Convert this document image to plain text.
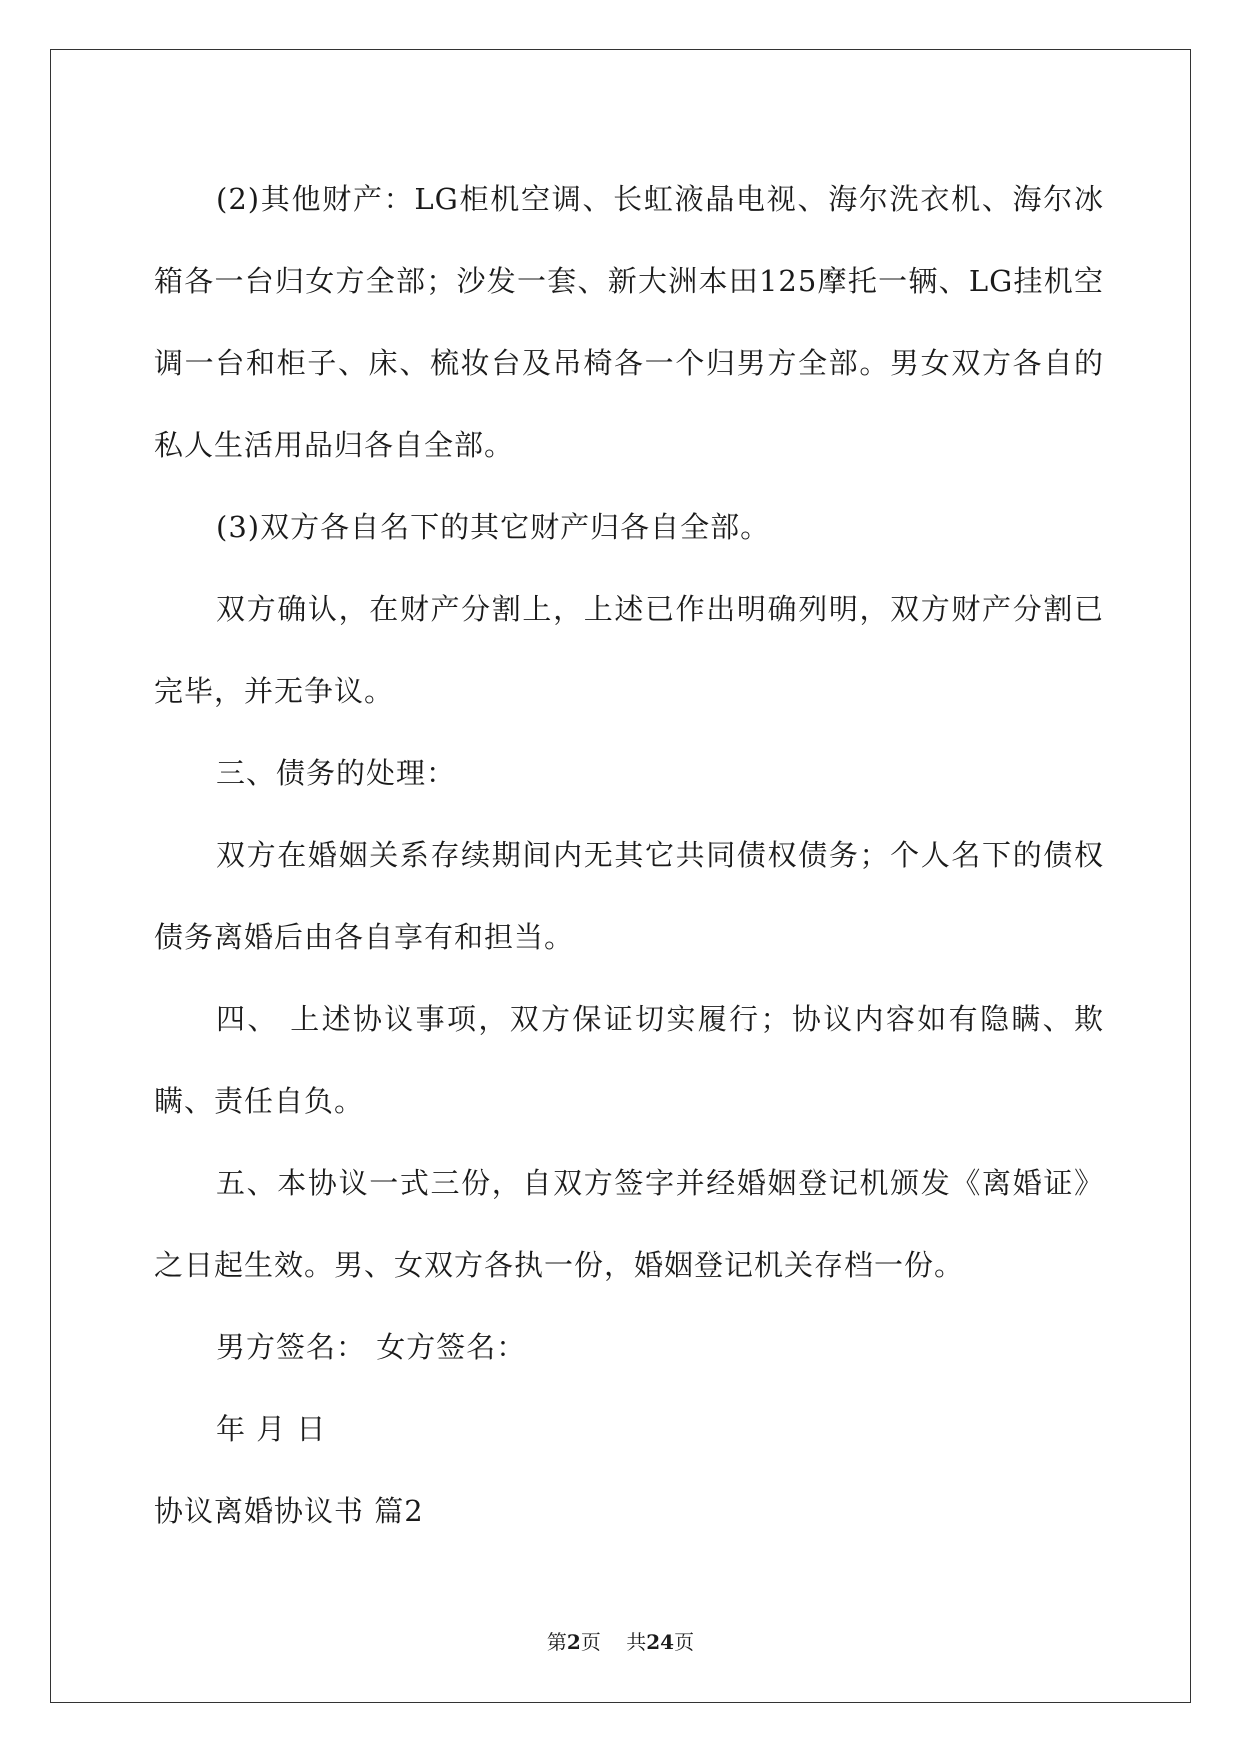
(2)其他财产：LG柜机空调、长虹液晶电视、海尔洗衣机、海尔冰箱各一台归女方全部；沙发一套、新大洲本田125摩托一辆、LG挂机空调一台和柜子、床、梳妆台及吊椅各一个归男方全部。男女双方各自的私人生活用品归各自全部。

(3)双方各自名下的其它财产归各自全部。

双方确认，在财产分割上，上述已作出明确列明，双方财产分割已完毕，并无争议。

三、债务的处理：

双方在婚姻关系存续期间内无其它共同债权债务；个人名下的债权债务离婚后由各自享有和担当。

四、 上述协议事项，双方保证切实履行；协议内容如有隐瞒、欺瞒、责任自负。

五、本协议一式三份，自双方签字并经婚姻登记机颁发《离婚证》之日起生效。男、女双方各执一份，婚姻登记机关存档一份。

男方签名： 女方签名：

年 月 日

协议离婚协议书 篇2

第2页 共24页
